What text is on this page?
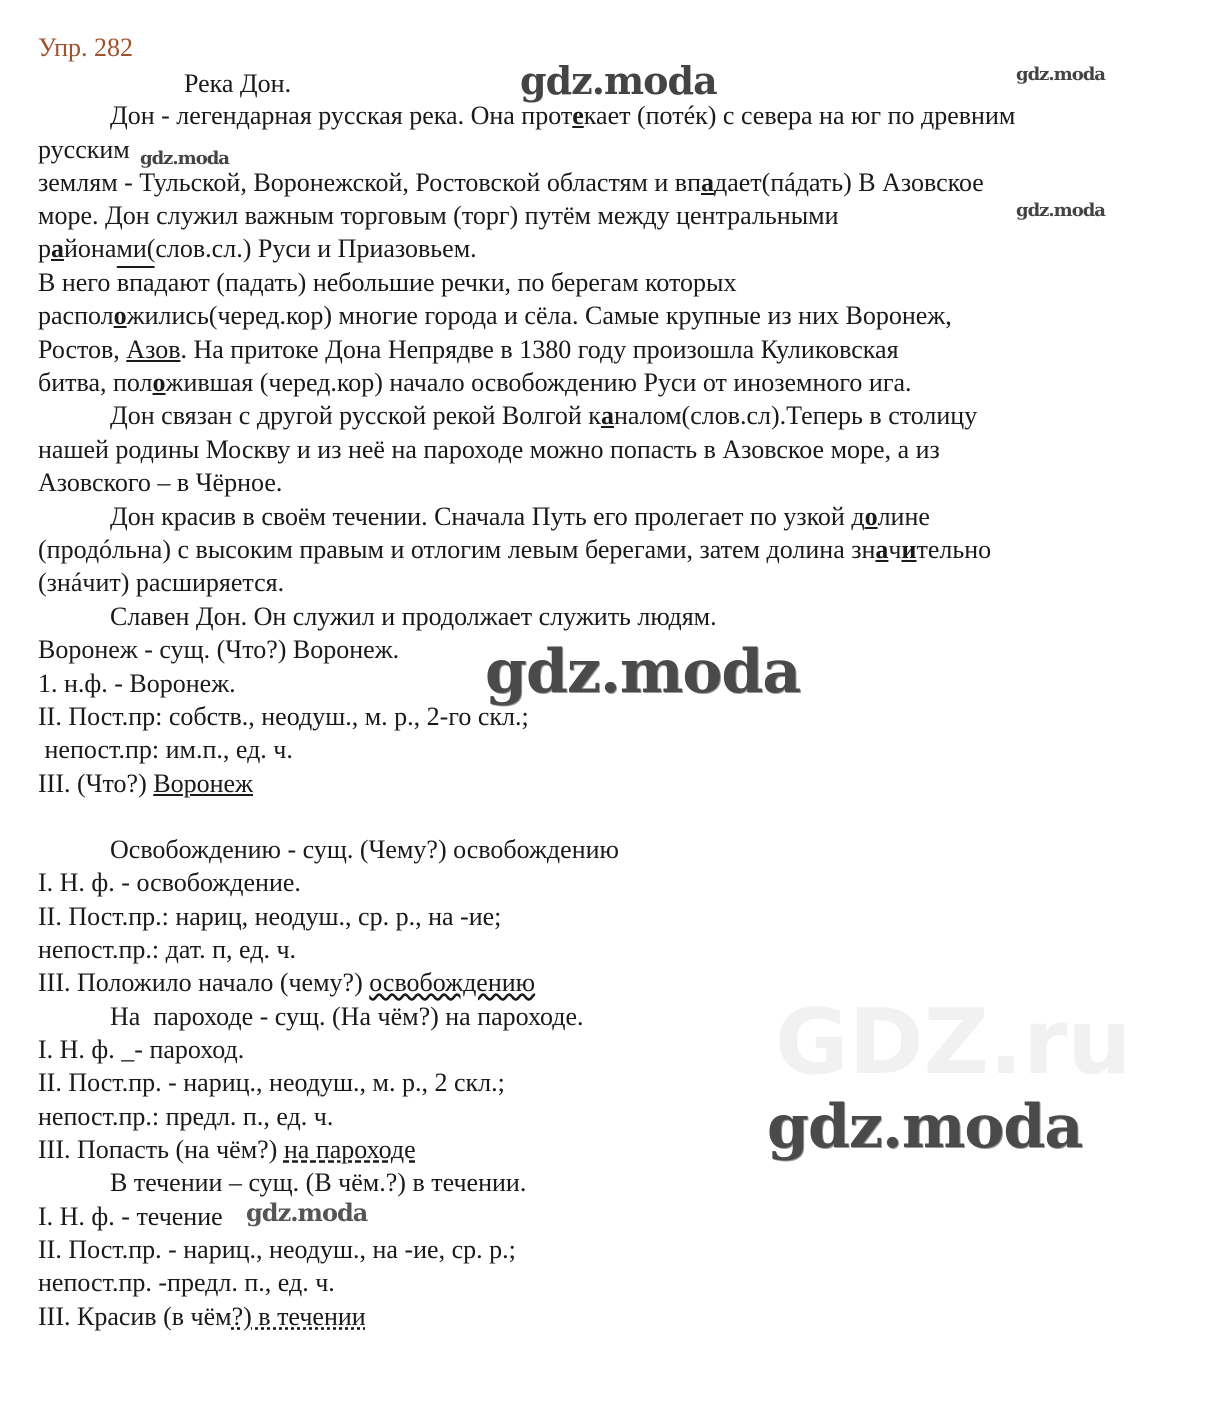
Упр. 282
Река Дон.
Дон - легендарная русская река. Она протекает (потéк) с севера на юг по древним
русским
землям - Тульской, Воронежской, Ростовской областям и впадает(пáдать) В Азовское
море. Дон служил важным торговым (торг) путём между центральными
районами(слов.сл.) Руси и Приазовьем.
В него впадают (падать) небольшие речки, по берегам которых
расположились(черед.кор) многие города и сёла. Самые крупные из них Воронеж,
Ростов, Азов. На притоке Дона Непрядве в 1380 году произошла Куликовская
битва, положившая (черед.кор) начало освобождению Руси от иноземного ига.
Дон связан с другой русской рекой Волгой каналом(слов.сл).Теперь в столицу
нашей родины Москву и из неё на пароходе можно попасть в Азовское море, а из
Азовского – в Чёрное.
Дон красив в своём течении. Сначала Путь его пролегает по узкой долине
(продóльна) с высоким правым и отлогим левым берегами, затем долина значительно
(знáчит) расширяется.
Славен Дон. Он служил и продолжает служить людям.
Воронеж - сущ. (Что?) Воронеж.
1. н.ф. - Воронеж.
II. Пост.пр: собств., неодуш., м. р., 2-го скл.;
непост.пр: им.п., ед. ч.
III. (Что?) Воронеж
Освобождению - сущ. (Чему?) освобождению
I. Н. ф. - освобождение.
II. Пост.пр.: нариц, неодуш., ср. р., на -ие;
непост.пр.: дат. п, ед. ч.
III. Положило начало (чему?) освобождению
На  пароходе - сущ. (На чём?) на пароходе.
I. Н. ф. _- пароход.
II. Пост.пр. - нариц., неодуш., м. р., 2 скл.;
непост.пр.: предл. п., ед. ч.
III. Попасть (на чём?) на пароходе
В течении – сущ. (В чём.?) в течении.
I. Н. ф. - течение
II. Пост.пр. - нариц., неодуш., на -ие, ср. р.;
непост.пр. -предл. п., ед. ч.
III. Красив (в чём?) в течении
GDZ.ru
gdz.moda	gdz.moda
gdz.moda
gdz.moda
gdz.moda
gdz.moda
gdz.moda
